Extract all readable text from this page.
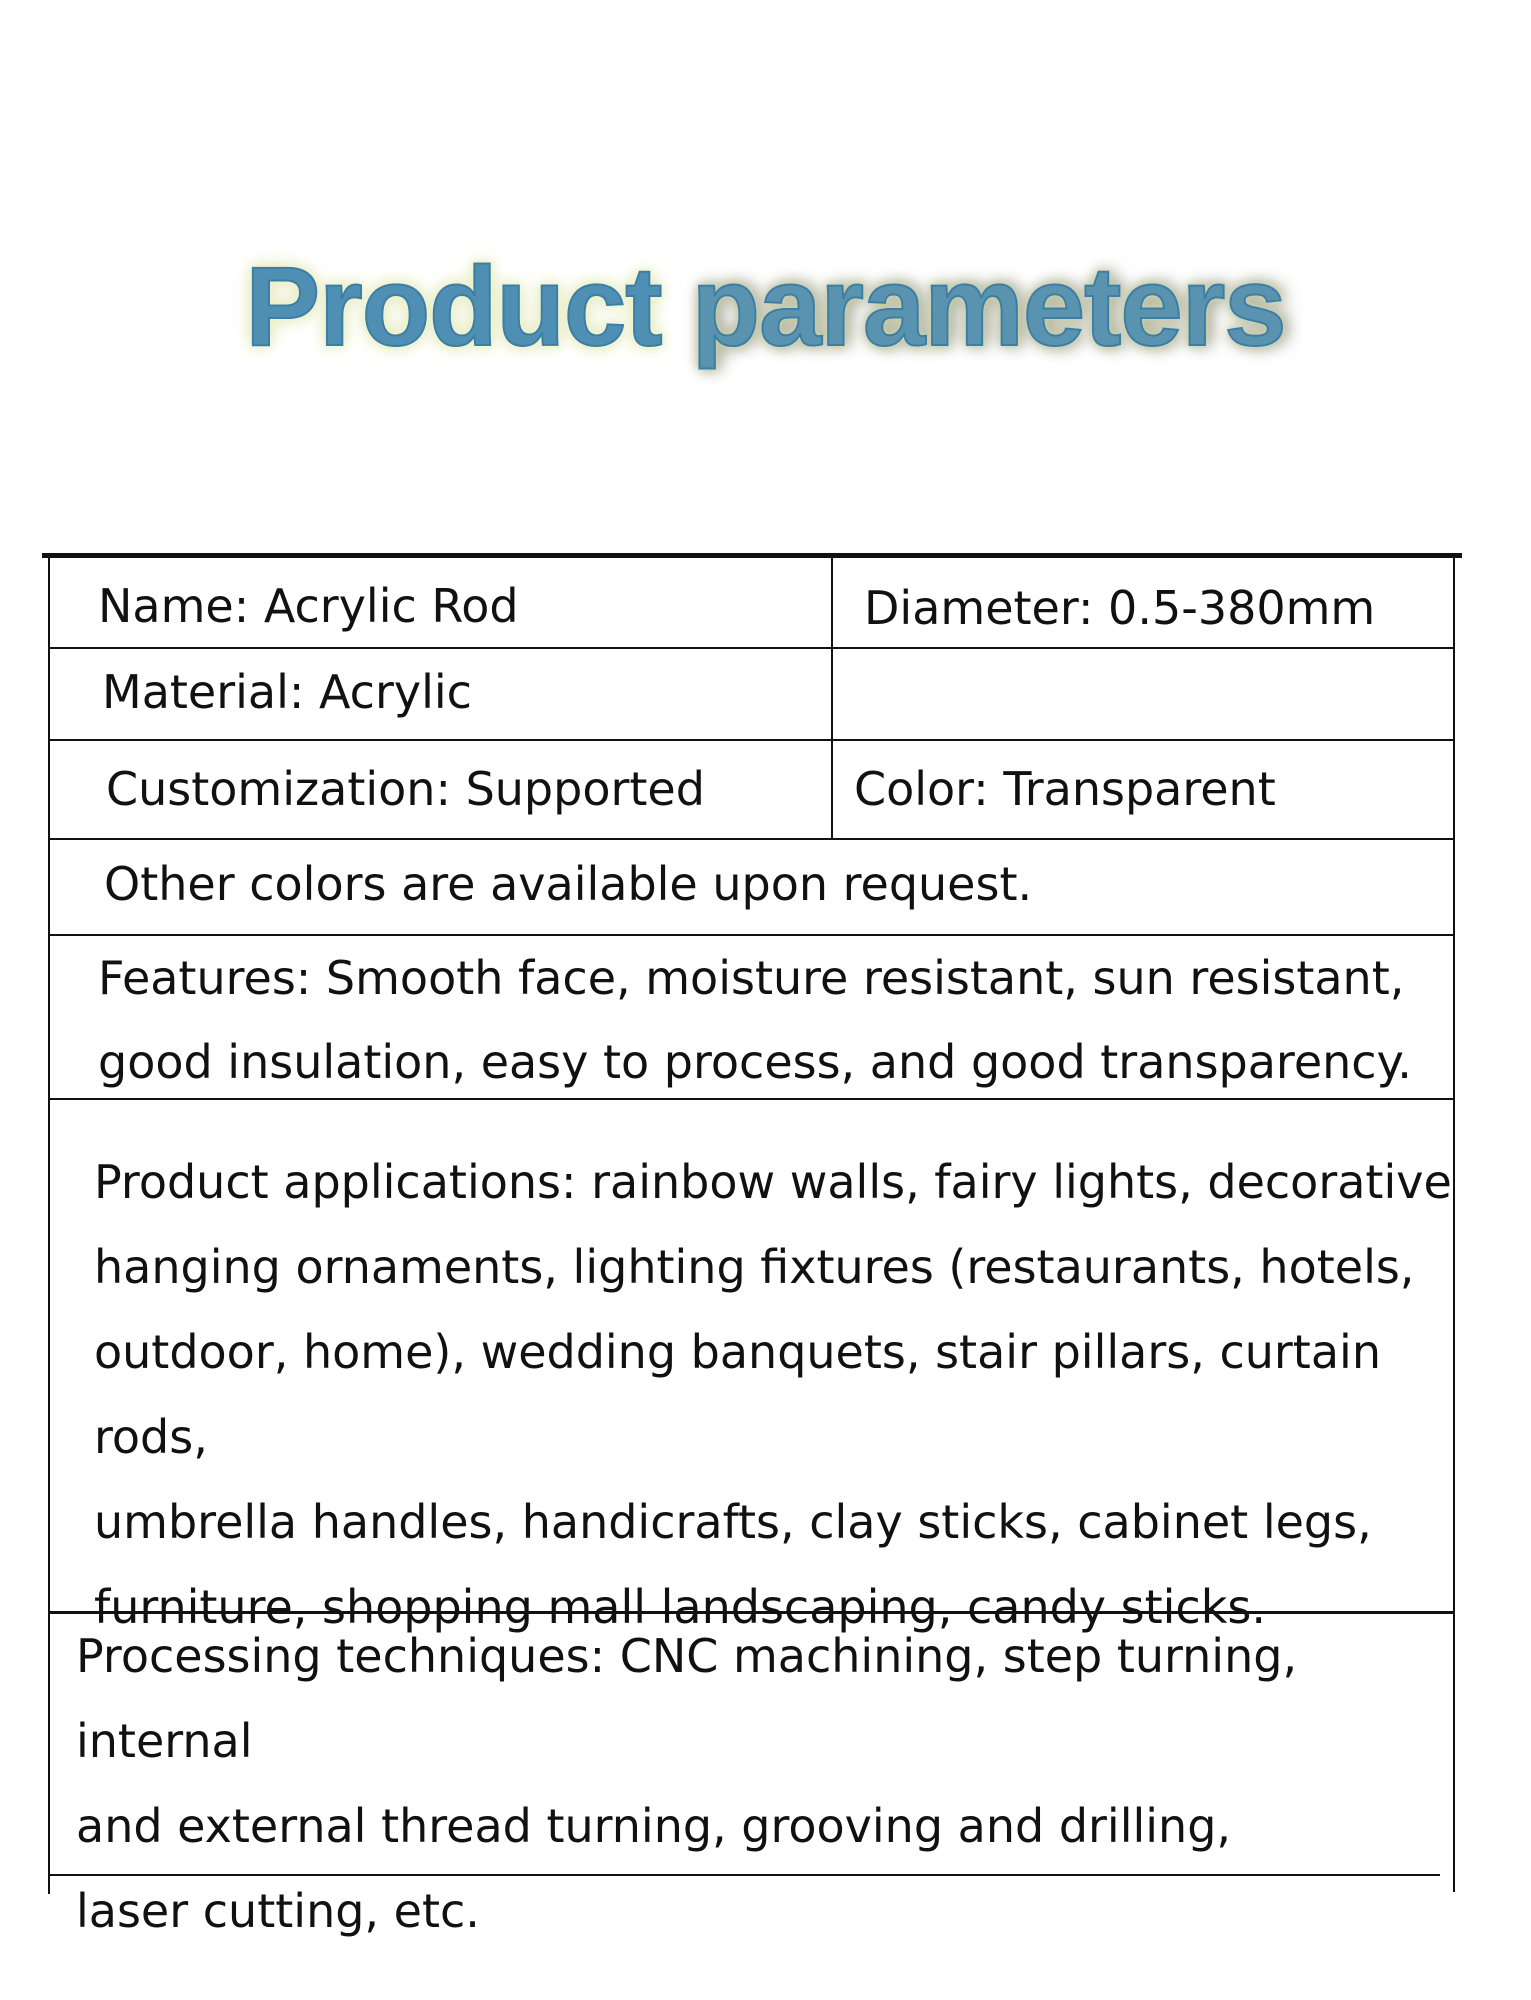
Product parameters
Name: Acrylic Rod	Diameter: 0.5-380mm
Material: Acrylic
Customization: Supported	Color: Transparent
Other colors are available upon request.
Features: Smooth face, moisture resistant, sun resistant,
good insulation, easy to process, and good transparency.
Product applications: rainbow walls, fairy lights, decorative
hanging ornaments, lighting fixtures (restaurants, hotels,
outdoor, home), wedding banquets, stair pillars, curtain rods,
umbrella handles, handicrafts, clay sticks, cabinet legs,
furniture, shopping mall landscaping, candy sticks.
Processing techniques: CNC machining, step turning, internal
and external thread turning, grooving and drilling,
laser cutting, etc.
